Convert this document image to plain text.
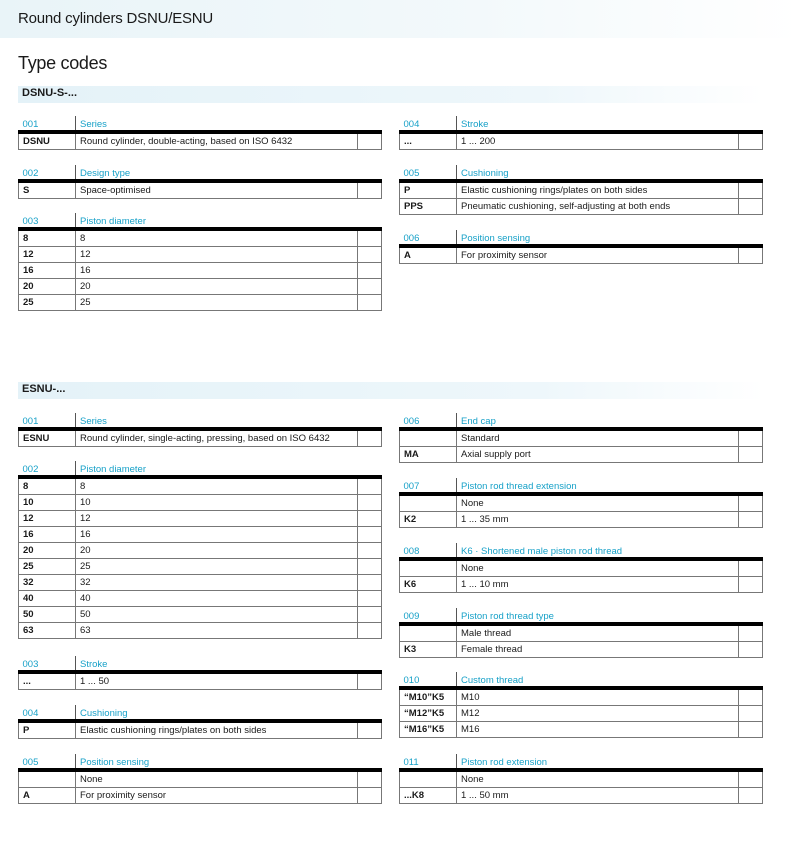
Round cylinders DSNU/ESNU
Type codes
DSNU-S-...
ESNU-...
001	Series	
DSNU	Round cylinder, double-acting, based on ISO 6432	
002	Design type	
S	Space-optimised	
003	Piston diameter	
8	8	
12	12	
16	16	
20	20	
25	25	
004	Stroke	
...	1 ... 200	
005	Cushioning	
P	Elastic cushioning rings/plates on both sides	
PPS	Pneumatic cushioning, self-adjusting at both ends	
006	Position sensing	
A	For proximity sensor	
001	Series	
ESNU	Round cylinder, single-acting, pressing, based on ISO 6432	
002	Piston diameter	
8	8	
10	10	
12	12	
16	16	
20	20	
25	25	
32	32	
40	40	
50	50	
63	63	
003	Stroke	
...	1 ... 50	
004	Cushioning	
P	Elastic cushioning rings/plates on both sides	
005	Position sensing	
	None	
A	For proximity sensor	
006	End cap	
	Standard	
MA	Axial supply port	
007	Piston rod thread extension	
	None	
K2	1 ... 35 mm	
008	K6 · Shortened male piston rod thread	
	None	
K6	1 ... 10 mm	
009	Piston rod thread type	
	Male thread	
K3	Female thread	
010	Custom thread	
“M10”K5	M10	
“M12”K5	M12	
“M16”K5	M16	
011	Piston rod extension	
	None	
...K8	1 ... 50 mm	
